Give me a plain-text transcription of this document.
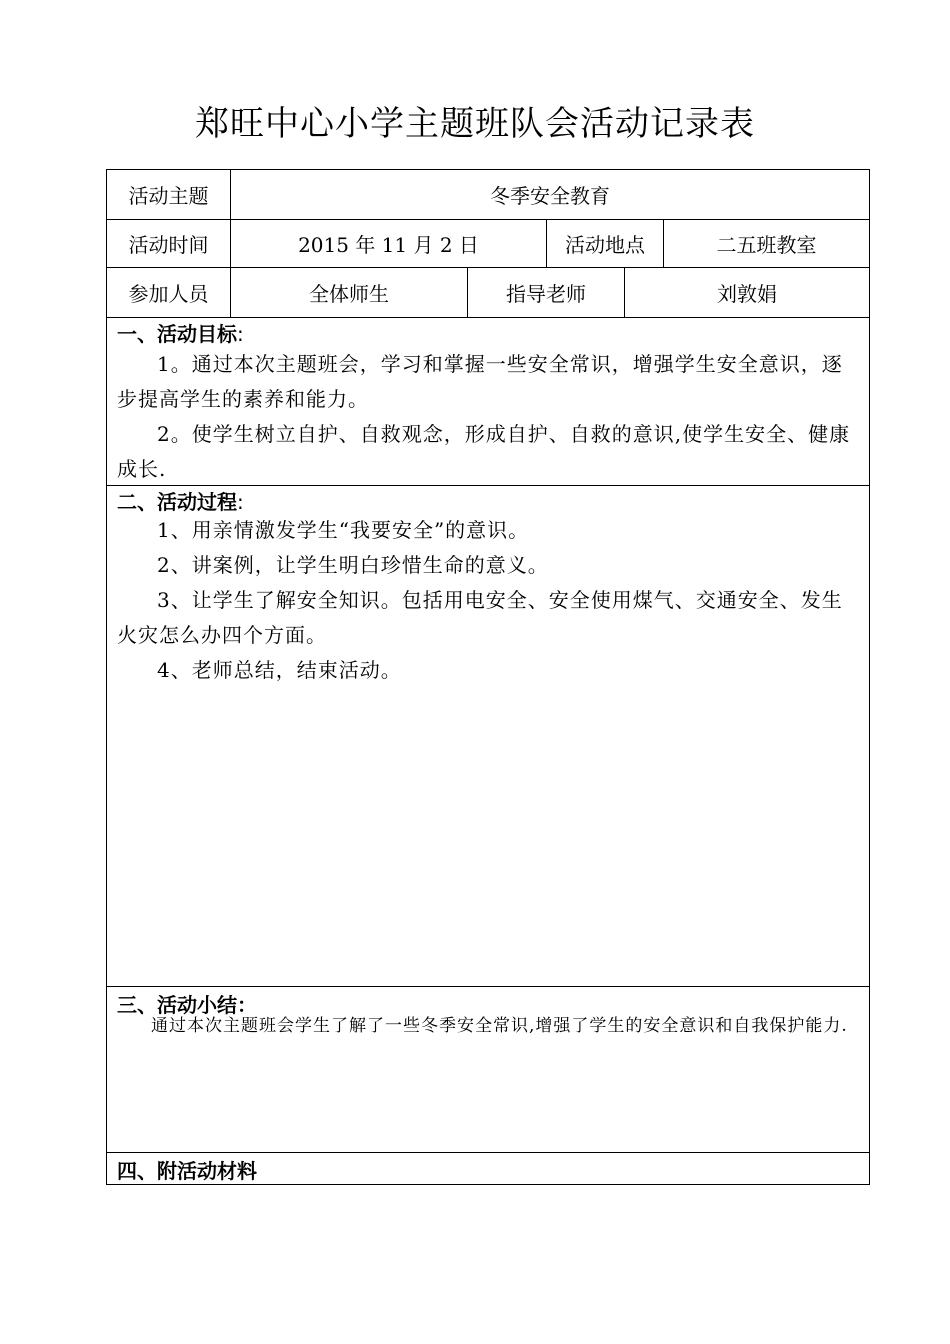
郑旺中心小学主题班队会活动记录表
活动主题	冬季安全教育
活动时间	2015 年 11 月 2 日	活动地点	二五班教室
参加人员	全体师生	指导老师	刘敦娟
一、活动目标:
1。通过本次主题班会，学习和掌握一些安全常识，增强学生安全意识，逐步提高学生的素养和能力。
2。使学生树立自护、自救观念，形成自护、自救的意识,使学生安全、健康成长.
二、活动过程:
1、用亲情激发学生“我要安全”的意识。
2、讲案例，让学生明白珍惜生命的意义。
3、让学生了解安全知识。包括用电安全、安全使用煤气、交通安全、发生火灾怎么办四个方面。
4、老师总结，结束活动。
三、活动小结：
通过本次主题班会学生了解了一些冬季安全常识,增强了学生的安全意识和自我保护能力.
四、附活动材料
